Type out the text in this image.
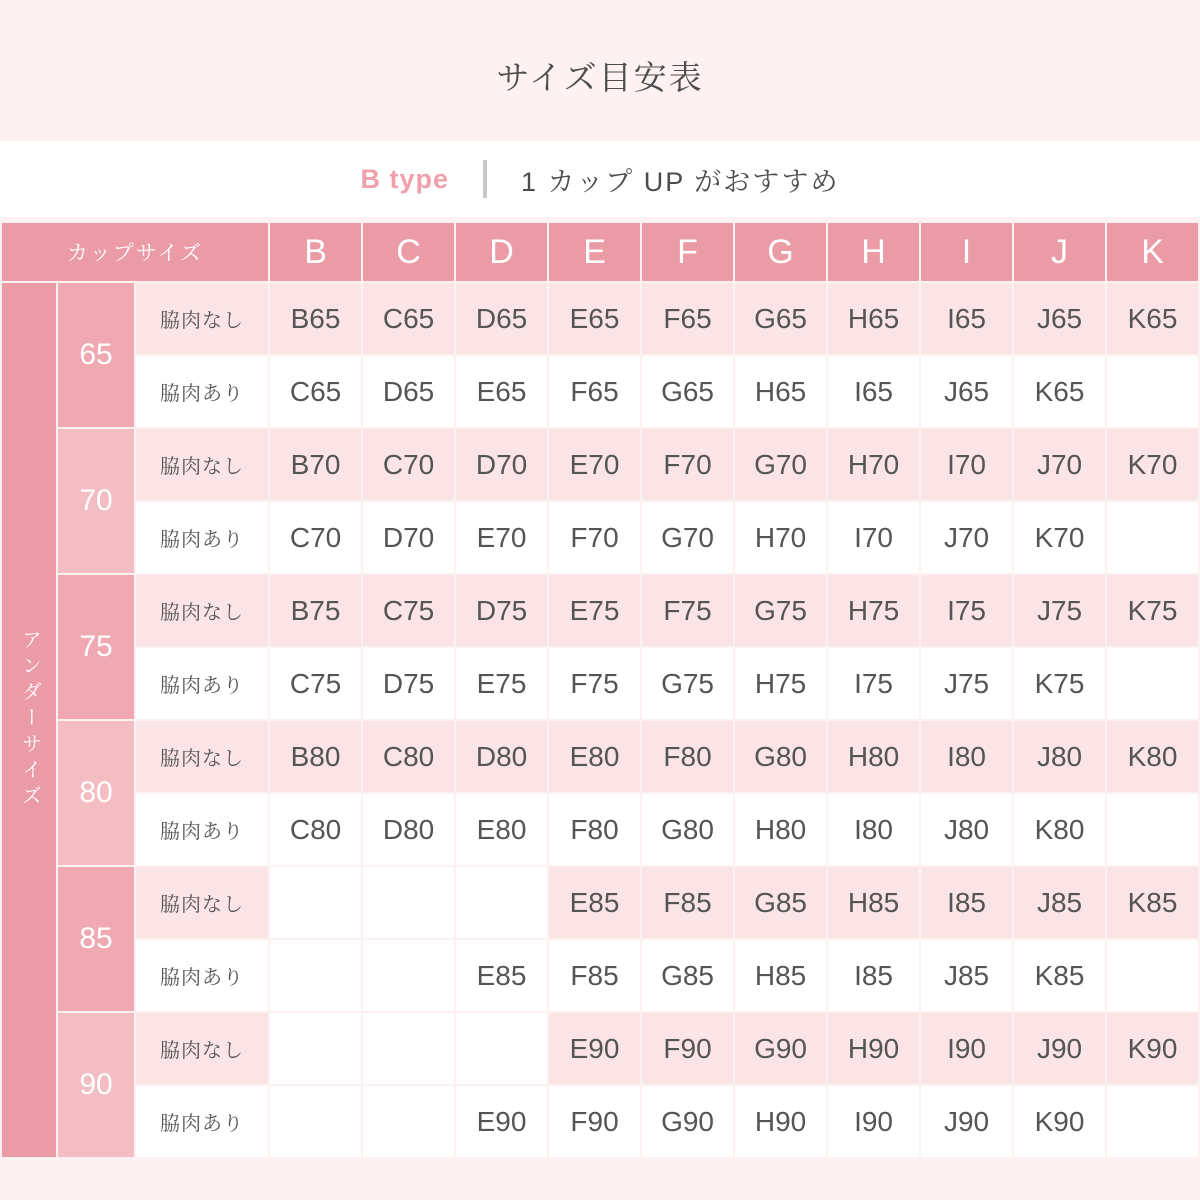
サイズ目安表
B type	1 カップ UP がおすすめ
カップサイズ			B	C	D	E	F	G	H	I	J	K

アンダーサイズ	65	脇肉なし	B65	C65	D65	E65	F65	G65	H65	I65	J65	K65
		脇肉あり	C65	D65	E65	F65	G65	H65	I65	J65	K65	
	70	脇肉なし	B70	C70	D70	E70	F70	G70	H70	I70	J70	K70
		脇肉あり	C70	D70	E70	F70	G70	H70	I70	J70	K70	
	75	脇肉なし	B75	C75	D75	E75	F75	G75	H75	I75	J75	K75
		脇肉あり	C75	D75	E75	F75	G75	H75	I75	J75	K75	
	80	脇肉なし	B80	C80	D80	E80	F80	G80	H80	I80	J80	K80
		脇肉あり	C80	D80	E80	F80	G80	H80	I80	J80	K80	
	85	脇肉なし				E85	F85	G85	H85	I85	J85	K85
		脇肉あり			E85	F85	G85	H85	I85	J85	K85	
	90	脇肉なし				E90	F90	G90	H90	I90	J90	K90
		脇肉あり			E90	F90	G90	H90	I90	J90	K90	
